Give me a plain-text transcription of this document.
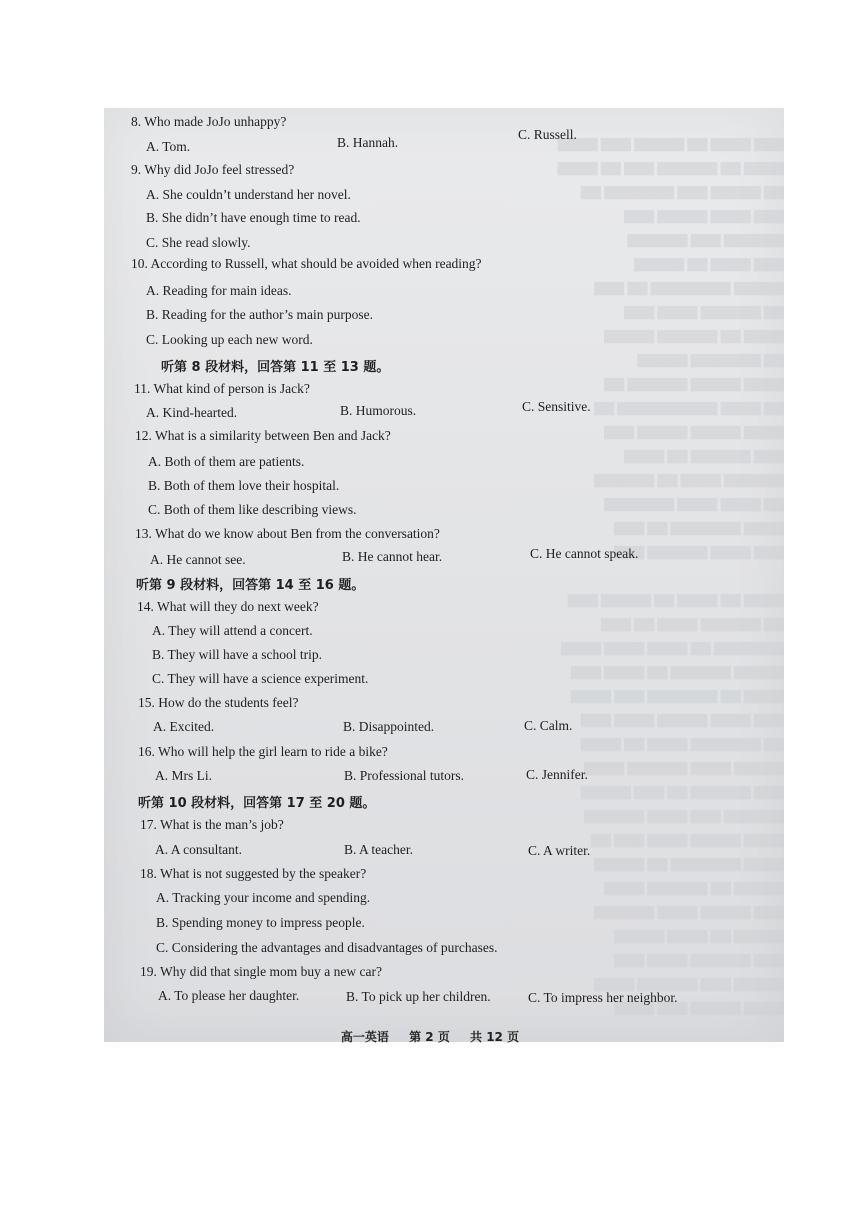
▇▇▇ ▇▇▇▇ ▇▇ ▇▇▇▇▇ ▇▇▇ ▇▇▇▇
▇▇▇▇ ▇▇ ▇▇▇▇▇▇ ▇▇▇ ▇▇ ▇▇▇▇
▇▇ ▇▇▇▇▇ ▇▇▇ ▇▇▇▇▇▇▇ ▇▇
▇▇▇ ▇▇▇▇ ▇▇▇▇▇ ▇▇▇
▇▇▇▇▇▇ ▇▇▇ ▇▇▇▇▇▇
▇▇▇ ▇▇▇▇ ▇▇ ▇▇▇▇▇
▇▇▇▇▇ ▇▇▇▇▇▇▇▇ ▇▇ ▇▇▇
▇▇ ▇▇▇▇▇▇ ▇▇▇▇ ▇▇▇
▇▇▇▇ ▇▇ ▇▇▇▇▇▇ ▇▇▇▇▇
▇▇ ▇▇▇▇▇▇▇ ▇▇▇▇▇
▇▇▇▇ ▇▇▇▇▇ ▇▇▇▇▇▇ ▇▇
▇▇ ▇▇▇▇ ▇▇▇▇▇▇▇▇▇▇ ▇▇
▇▇▇▇ ▇▇▇▇▇ ▇▇▇▇▇ ▇▇▇
▇▇▇ ▇▇▇▇▇▇ ▇▇ ▇▇▇▇
▇▇▇▇▇▇ ▇▇▇▇ ▇▇ ▇▇▇▇▇▇
▇▇ ▇▇▇▇ ▇▇▇▇ ▇▇▇▇▇▇▇
▇▇▇▇ ▇▇▇▇▇▇▇ ▇▇ ▇▇▇
▇▇▇ ▇▇▇▇ ▇▇▇▇▇▇ ▇▇▇

▇▇▇▇ ▇▇ ▇▇▇▇ ▇▇ ▇▇▇▇▇ ▇▇▇
▇▇ ▇▇▇▇▇▇ ▇▇▇▇ ▇▇ ▇▇▇
▇▇▇▇▇▇▇ ▇▇ ▇▇▇▇ ▇▇▇▇ ▇▇▇▇
▇▇▇▇▇ ▇▇▇▇▇▇ ▇▇ ▇▇▇▇ ▇▇▇
▇▇▇▇ ▇▇ ▇▇▇▇▇▇▇ ▇▇▇ ▇▇▇▇
▇▇▇ ▇▇▇▇ ▇▇▇▇▇ ▇▇▇▇ ▇▇▇
▇▇ ▇▇▇▇▇▇▇ ▇▇▇▇ ▇▇ ▇▇▇▇
▇▇▇▇▇ ▇▇▇▇ ▇▇▇▇▇▇ ▇▇▇▇
▇▇▇ ▇▇▇▇▇▇ ▇▇ ▇▇▇ ▇▇▇▇▇
▇▇▇▇▇▇ ▇▇▇ ▇▇▇▇ ▇▇▇▇▇▇
▇▇▇▇ ▇▇▇▇▇ ▇▇▇▇ ▇▇▇ ▇▇
▇▇▇▇ ▇▇▇▇▇▇▇ ▇▇ ▇▇▇▇▇
▇▇▇▇▇ ▇▇ ▇▇▇▇▇▇ ▇▇▇▇
▇▇▇ ▇▇▇▇▇ ▇▇▇▇ ▇▇▇▇▇▇
▇▇▇▇▇ ▇▇ ▇▇▇▇ ▇▇▇▇▇
▇▇▇ ▇▇▇▇▇▇ ▇▇▇▇ ▇▇▇
▇▇▇▇▇ ▇▇▇ ▇▇▇▇▇▇ ▇▇▇▇
▇▇▇▇ ▇▇▇▇▇ ▇▇▇ ▇▇▇▇
8. Who made JoJo unhappy?
A. Tom.	B. Hannah.
C. Russell.
9. Why did JoJo feel stressed?
A. She couldn’t understand her novel.
B. She didn’t have enough time to read.
C. She read slowly.
10. According to Russell, what should be avoided when reading?
A. Reading for main ideas.
B. Reading for the author’s main purpose.
C. Looking up each new word.
听第 8 段材料，回答第 11 至 13 题。
11. What kind of person is Jack?
A. Kind-hearted.	B. Humorous.	C. Sensitive.
12. What is a similarity between Ben and Jack?
A. Both of them are patients.
B. Both of them love their hospital.
C. Both of them like describing views.
13. What do we know about Ben from the conversation?
A. He cannot see.	B. He cannot hear.	C. He cannot speak.
听第 9 段材料，回答第 14 至 16 题。
14. What will they do next week?
A. They will attend a concert.
B. They will have a school trip.
C. They will have a science experiment.
15. How do the students feel?
A. Excited.	B. Disappointed.	C. Calm.
16. Who will help the girl learn to ride a bike?
A. Mrs Li.	B. Professional tutors.	C. Jennifer.
听第 10 段材料，回答第 17 至 20 题。
17. What is the man’s job?
A. A consultant.	B. A teacher.	C. A writer.
18. What is not suggested by the speaker?
A. Tracking your income and spending.
B. Spending money to impress people.
C. Considering the advantages and disadvantages of purchases.
19. Why did that single mom buy a new car?
A. To please her daughter.	B. To pick up her children.	C. To impress her neighbor.
高一英语 第 2 页 共 12 页
